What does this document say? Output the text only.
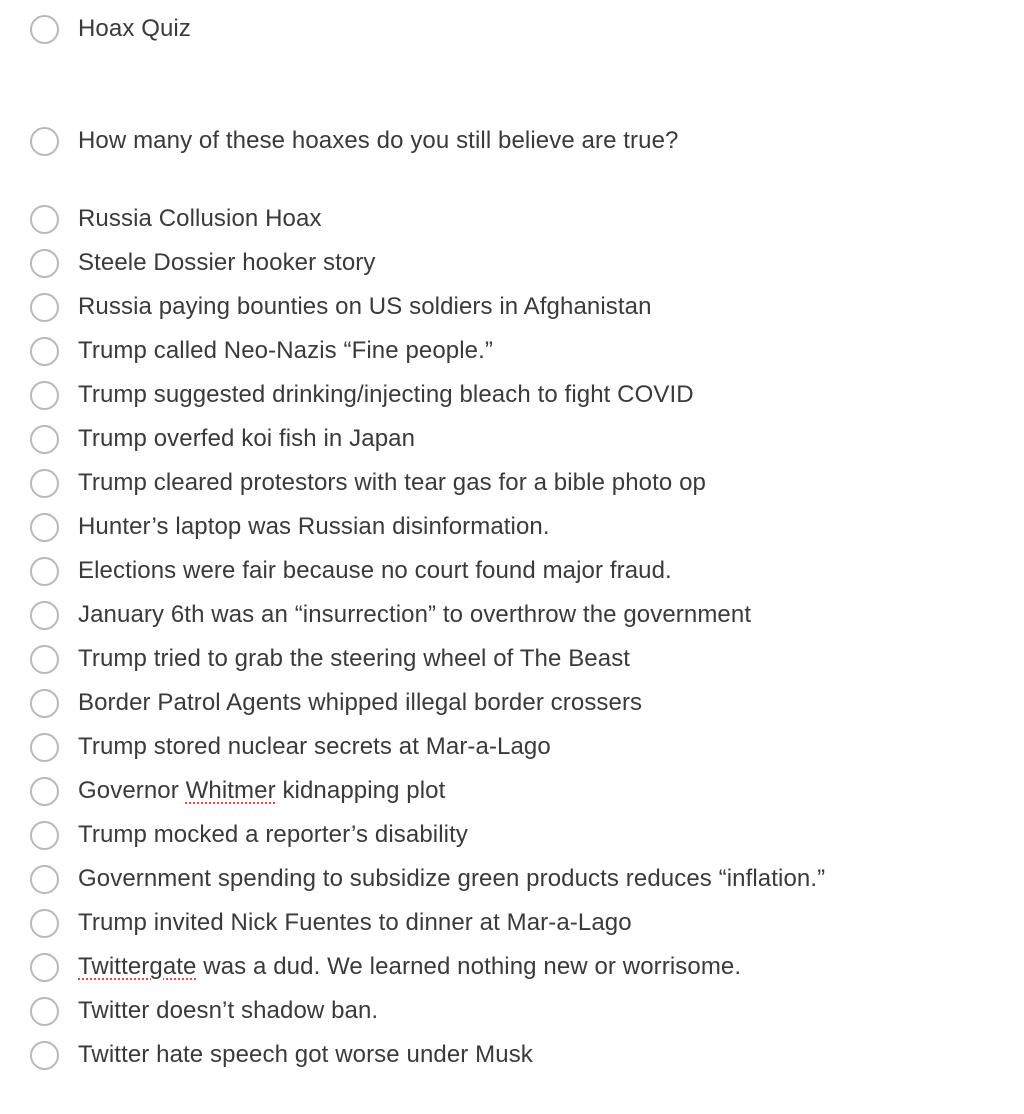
Hoax Quiz
How many of these hoaxes do you still believe are true?
Russia Collusion Hoax
Steele Dossier hooker story
Russia paying bounties on US soldiers in Afghanistan
Trump called Neo-Nazis “Fine people.”
Trump suggested drinking/injecting bleach to fight COVID
Trump overfed koi fish in Japan
Trump cleared protestors with tear gas for a bible photo op
Hunter’s laptop was Russian disinformation.
Elections were fair because no court found major fraud.
January 6th was an “insurrection” to overthrow the government
Trump tried to grab the steering wheel of The Beast
Border Patrol Agents whipped illegal border crossers
Trump stored nuclear secrets at Mar-a-Lago
Governor Whitmer kidnapping plot
Trump mocked a reporter’s disability
Government spending to subsidize green products reduces “inflation.”
Trump invited Nick Fuentes to dinner at Mar-a-Lago
Twittergate was a dud. We learned nothing new or worrisome.
Twitter doesn’t shadow ban.
Twitter hate speech got worse under Musk
